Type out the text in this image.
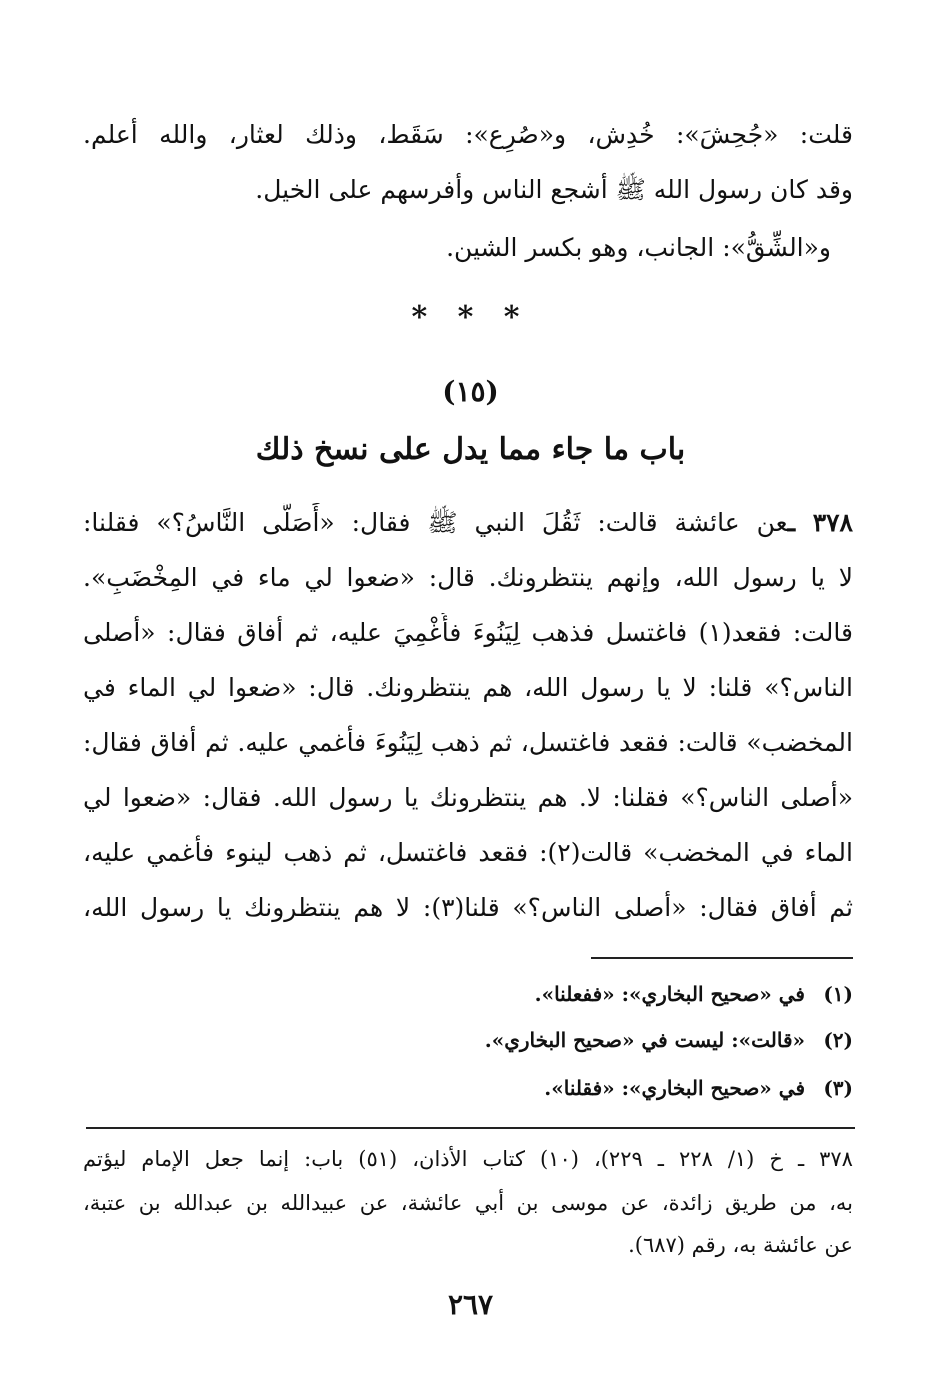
قلت: «جُحِشَ»: خُدِش، و«صُرِع»: سَقَط، وذلك لعثار، والله أعلم.

وقد كان رسول الله ﷺ أشجع الناس وأفرسهم على الخيل.

و«الشِّقُّ»: الجانب، وهو بكسر الشين.

* * *
(١٥)
باب ما جاء مما يدل على نسخ ذلك

٣٧٨ ـعن عائشة قالت: ثَقُلَ النبي ﷺ فقال: «أَصَلَّى النَّاسُ؟» فقلنا:

لا يا رسول الله، وإنهم ينتظرونك. قال: «ضعوا لي ماء في المِخْضَبِ».

قالت: فقعد(١) فاغتسل فذهب لِيَنُوءَ فأُغْمِيَ عليه، ثم أفاق فقال: «أصلى

الناس؟» قلنا: لا يا رسول الله، هم ينتظرونك. قال: «ضعوا لي الماء في

المخضب» قالت: فقعد فاغتسل، ثم ذهب لِيَنُوءَ فأغمي عليه. ثم أفاق فقال:

«أصلى الناس؟» فقلنا: لا. هم ينتظرونك يا رسول الله. فقال: «ضعوا لي

الماء في المخضب» قالت(٢): فقعد فاغتسل، ثم ذهب لينوء فأغمي عليه،

ثم أفاق فقال: «أصلى الناس؟» قلنا(٣): لا هم ينتظرونك يا رسول الله،

(١)في «صحيح البخاري»: «ففعلنا».
(٢)«قالت»: ليست في «صحيح البخاري».
(٣)في «صحيح البخاري»: «فقلنا».
٣٧٨ ـ خ (١/ ٢٢٨ ـ ٢٢٩)، (١٠) كتاب الأذان، (٥١) باب: إنما جعل الإمام ليؤتم
به، من طريق زائدة، عن موسى بن أبي عائشة، عن عبيدالله بن عبدالله بن عتبة،
عن عائشة به، رقم (٦٨٧).
٢٦٧
